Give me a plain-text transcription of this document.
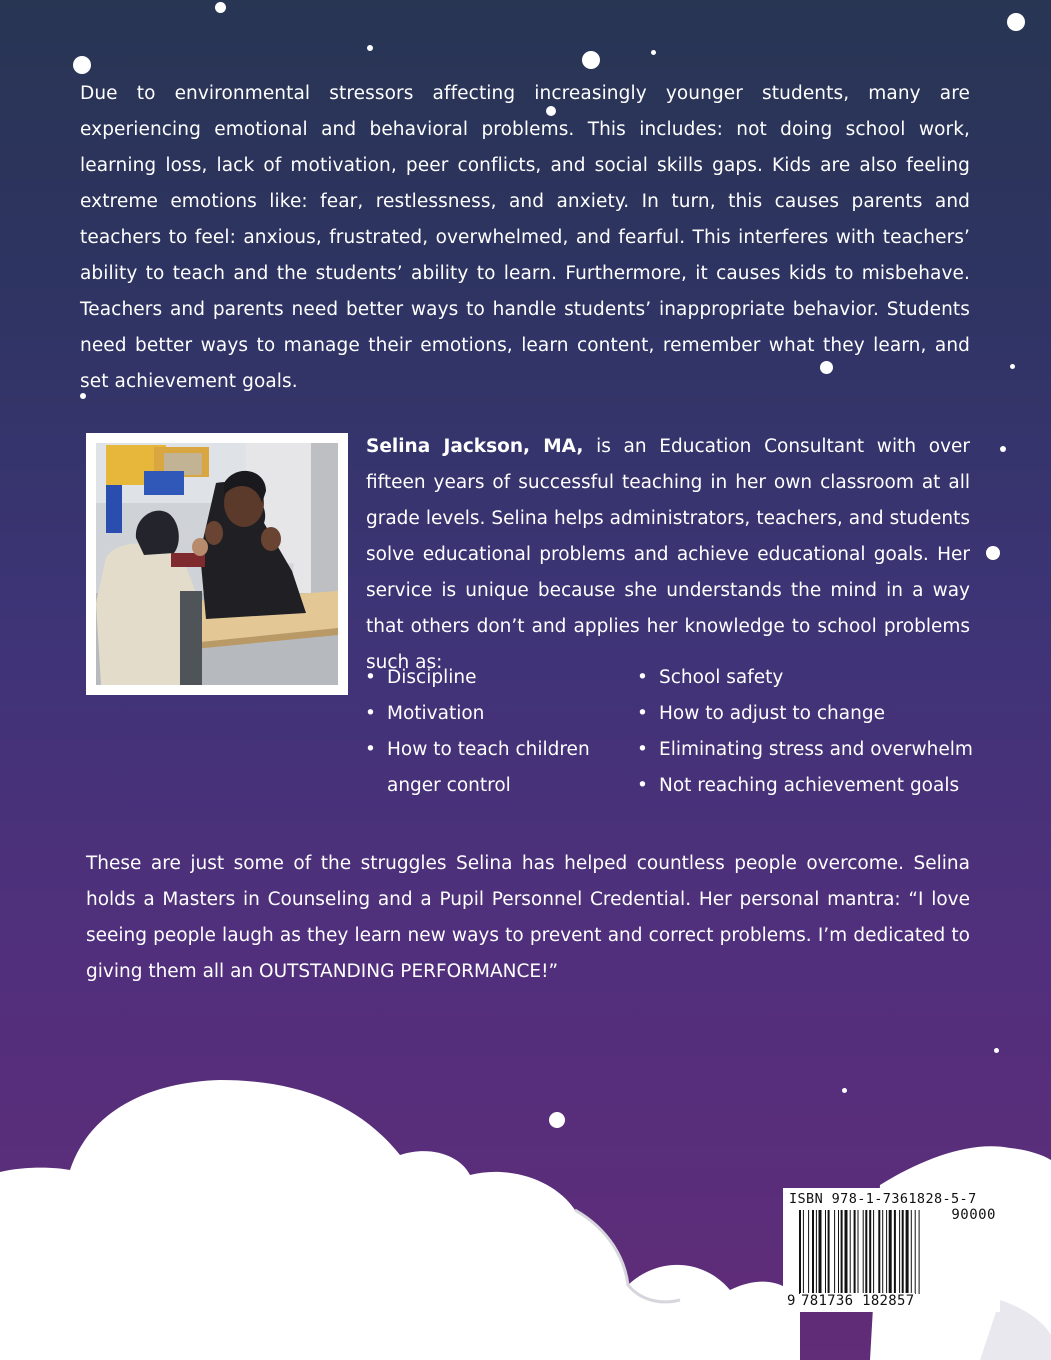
Due to environmental stressors affecting increasingly younger students, many are experiencing emotional and behavioral problems. This includes: not doing school work, learning loss, lack of motivation, peer conflicts, and social skills gaps. Kids are also feeling extreme emotions like: fear, restlessness, and anxiety. In turn, this causes parents and teachers to feel: anxious, frustrated, overwhelmed, and fearful. This interferes with teachers’ ability to teach and the students’ ability to learn. Furthermore, it causes kids to misbehave. Teachers and parents need better ways to handle students’ inappropriate behavior. Students need better ways to manage their emotions, learn content, remember what they learn, and set achievement goals.

Selina Jackson, MA, is an Education Consultant with over fifteen years of successful teaching in her own classroom at all grade levels. Selina helps administrators, teachers, and students solve educational problems and achieve educational goals. Her service is unique because she understands the mind in a way that others don’t and applies her knowledge to school problems such as:

• Discipline
• Motivation
• How to teach children anger control
• School safety
• How to adjust to change
• Eliminating stress and overwhelm
• Not reaching achievement goals

These are just some of the struggles Selina has helped countless people overcome. Selina holds a Masters in Counseling and a Pupil Personnel Credential. Her personal mantra: “I love seeing people laugh as they learn new ways to prevent and correct problems. I’m dedicated to giving them all an OUTSTANDING PERFORMANCE!”

ISBN 978-1-7361828-5-7
90000
9 781736 182857
